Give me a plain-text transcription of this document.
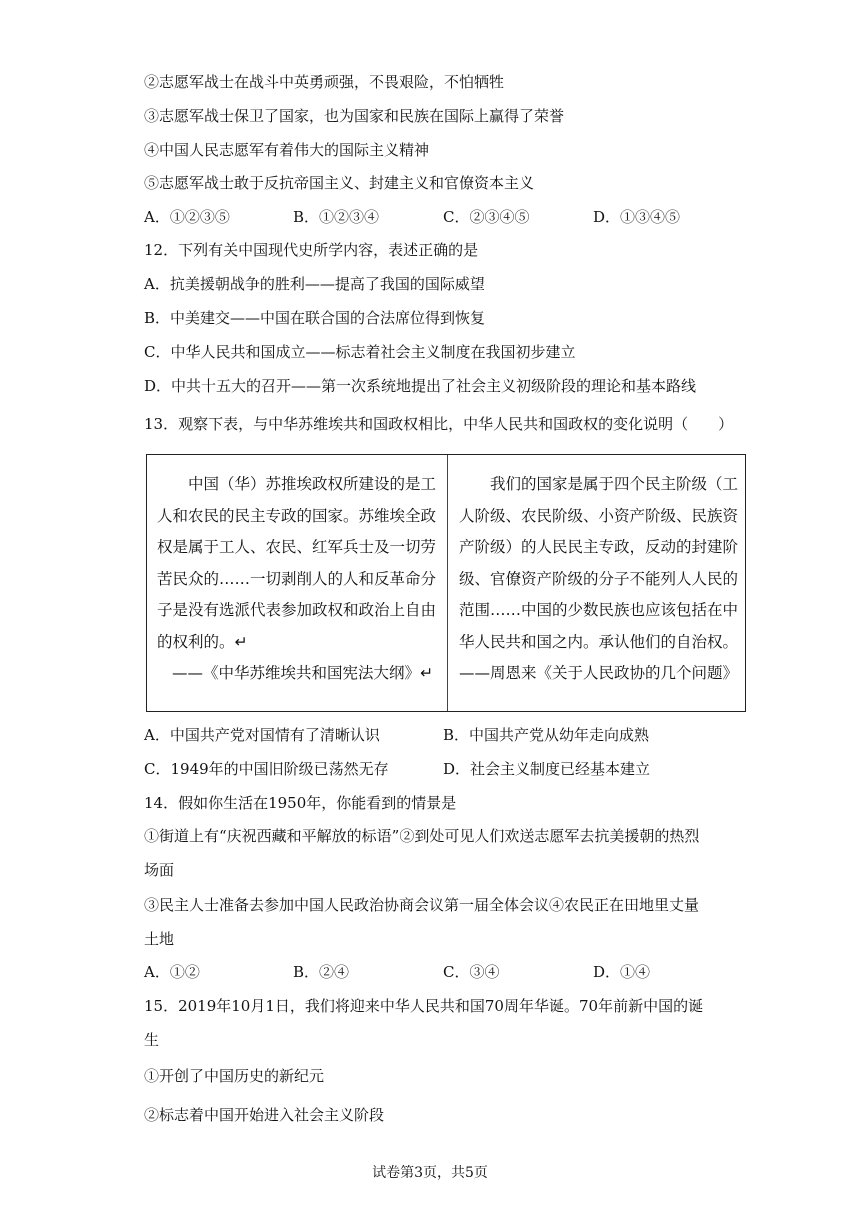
②志愿军战士在战斗中英勇顽强，不畏艰险，不怕牺牲
③志愿军战士保卫了国家，也为国家和民族在国际上赢得了荣誉
④中国人民志愿军有着伟大的国际主义精神
⑤志愿军战士敢于反抗帝国主义、封建主义和官僚资本主义
A．①②③⑤	B．①②③④	C．②③④⑤	D．①③④⑤
12．下列有关中国现代史所学内容，表述正确的是
A．抗美援朝战争的胜利——提高了我国的国际威望
B．中美建交——中国在联合国的合法席位得到恢复
C．中华人民共和国成立——标志着社会主义制度在我国初步建立
D．中共十五大的召开——第一次系统地提出了社会主义初级阶段的理论和基本路线
13．观察下表，与中华苏维埃共和国政权相比，中华人民共和国政权的变化说明（　　）

中国（华）苏推埃政权所建设的是工人和农民的民主专政的国家。苏维埃全政权是属于工人、农民、红军兵士及一切劳苦民众的……一切剥削人的人和反革命分子是没有选派代表参加政权和政治上自由的权利的。↵

——《中华苏维埃共和国宪法大纲》↵

我们的国家是属于四个民主阶级（工人阶级、农民阶级、小资产阶级、民族资产阶级）的人民民主专政，反动的封建阶级、官僚资产阶级的分子不能列人人民的范围……中国的少数民族也应该包括在中华人民共和国之内。承认他们的自治权。

——周恩来《关于人民政协的几个问题》

A．中国共产党对国情有了清晰认识	B．中国共产党从幼年走向成熟
C．1949年的中国旧阶级已荡然无存	D．社会主义制度已经基本建立
14．假如你生活在1950年，你能看到的情景是
①街道上有“庆祝西藏和平解放的标语”②到处可见人们欢送志愿军去抗美援朝的热烈
场面
③民主人士准备去参加中国人民政治协商会议第一届全体会议④农民正在田地里丈量
土地
A．①②	B．②④	C．③④	D．①④
15．2019年10月1日，我们将迎来中华人民共和国70周年华诞。70年前新中国的诞
生
①开创了中国历史的新纪元
②标志着中国开始进入社会主义阶段
试卷第3页，共5页
